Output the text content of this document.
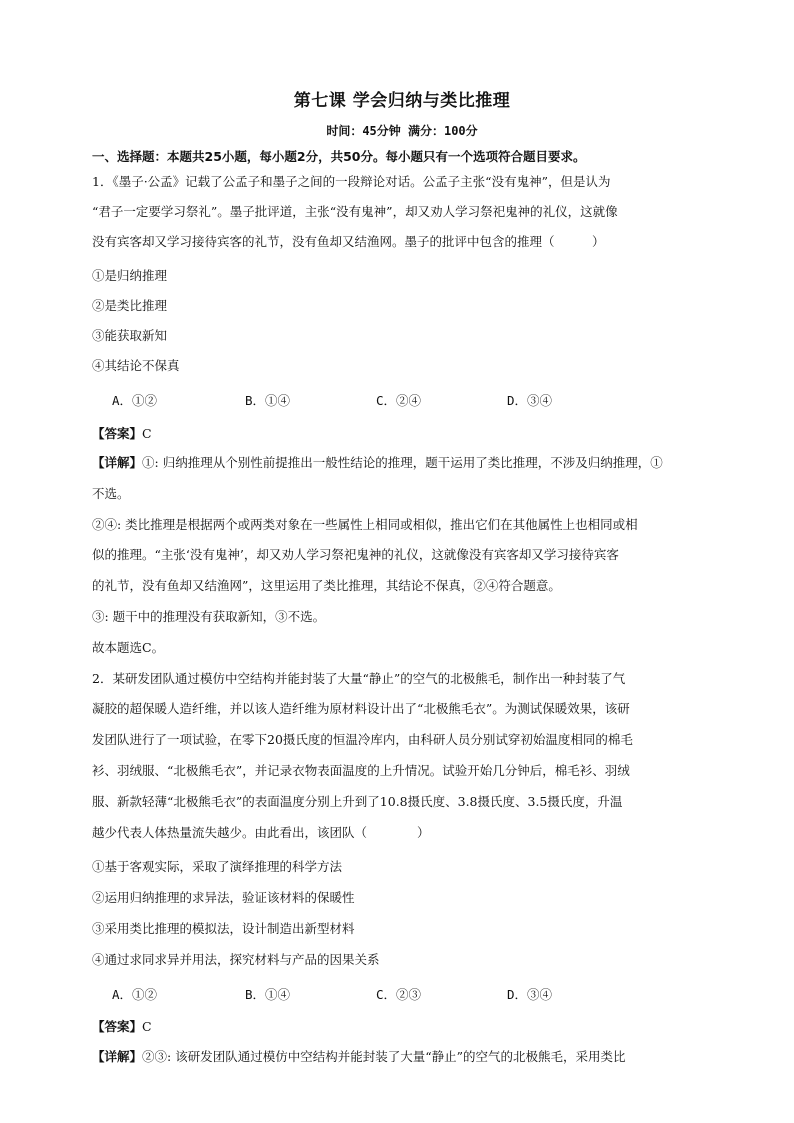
第七课 学会归纳与类比推理
时间：45分钟 满分：100分
一、选择题：本题共25小题，每小题2分，共50分。每小题只有一个选项符合题目要求。
1．《墨子·公孟》记载了公孟子和墨子之间的一段辩论对话。公孟子主张“没有鬼神”，但是认为
“君子一定要学习祭礼”。墨子批评道，主张“没有鬼神”，却又劝人学习祭祀鬼神的礼仪，这就像
没有宾客却又学习接待宾客的礼节，没有鱼却又结渔网。墨子的批评中包含的推理（　　　）
①是归纳推理
②是类比推理
③能获取新知
④其结论不保真
A．①②	B．①④	C．②④	D．③④
【答案】C
【详解】①: 归纳推理从个别性前提推出一般性结论的推理，题干运用了类比推理，不涉及归纳推理，①
不选。
②④: 类比推理是根据两个或两类对象在一些属性上相同或相似，推出它们在其他属性上也相同或相
似的推理。“主张‘没有鬼神’，却又劝人学习祭祀鬼神的礼仪，这就像没有宾客却又学习接待宾客
的礼节，没有鱼却又结渔网”，这里运用了类比推理，其结论不保真，②④符合题意。
③: 题干中的推理没有获取新知，③不选。
故本题选C。
2．某研发团队通过模仿中空结构并能封装了大量“静止”的空气的北极熊毛，制作出一种封装了气
凝胶的超保暖人造纤维，并以该人造纤维为原材料设计出了“北极熊毛衣”。为测试保暖效果，该研
发团队进行了一项试验，在零下20摄氏度的恒温冷库内，由科研人员分别试穿初始温度相同的棉毛
衫、羽绒服、“北极熊毛衣”，并记录衣物表面温度的上升情况。试验开始几分钟后，棉毛衫、羽绒
服、新款轻薄“北极熊毛衣”的表面温度分别上升到了10.8摄氏度、3.8摄氏度、3.5摄氏度，升温
越少代表人体热量流失越少。由此看出，该团队（　　　　）
①基于客观实际，采取了演绎推理的科学方法
②运用归纳推理的求异法，验证该材料的保暖性
③采用类比推理的模拟法，设计制造出新型材料
④通过求同求异并用法，探究材料与产品的因果关系
A．①②	B．①④	C．②③	D．③④
【答案】C
【详解】②③: 该研发团队通过模仿中空结构并能封装了大量“静止”的空气的北极熊毛，采用类比
